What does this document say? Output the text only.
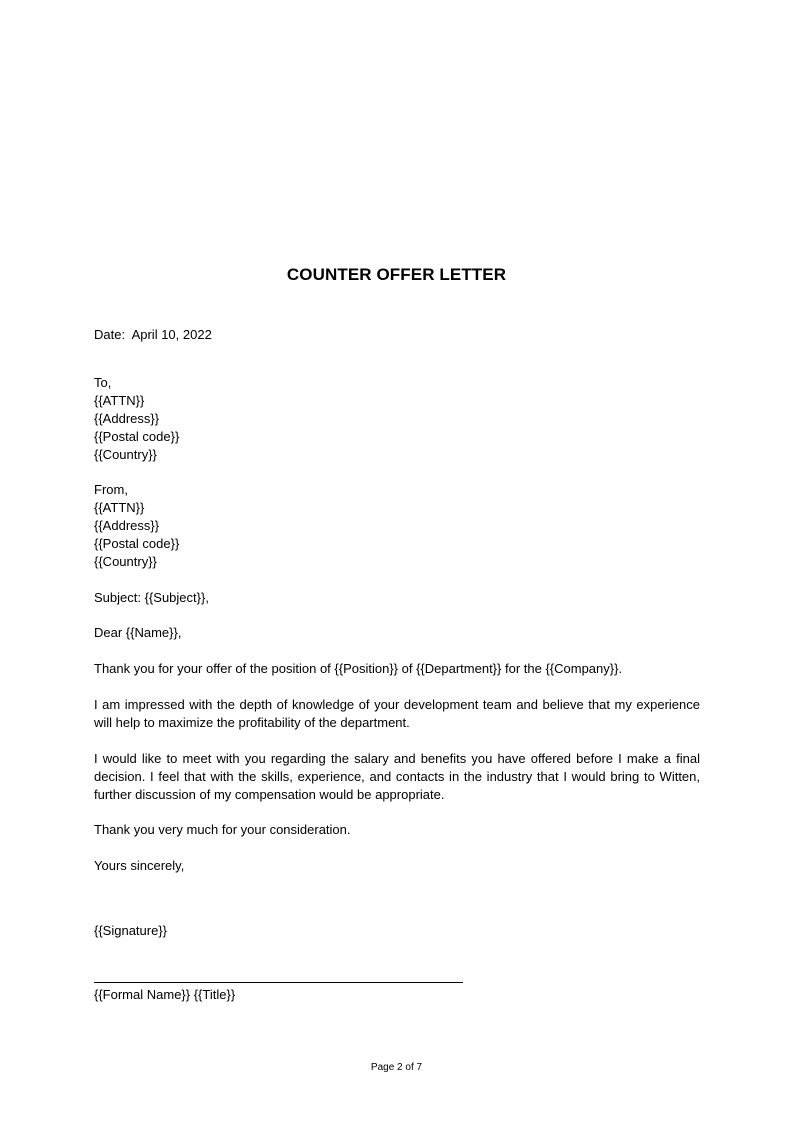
COUNTER OFFER LETTER
Date:  April 10, 2022
To,
{{ATTN}}
{{Address}}
{{Postal code}}
{{Country}}
From,
{{ATTN}}
{{Address}}
{{Postal code}}
{{Country}}
Subject: {{Subject}},
Dear {{Name}},
Thank you for your offer of the position of {{Position}} of {{Department}} for the {{Company}}.
I am impressed with the depth of knowledge of your development team and believe that my experience will help to maximize the profitability of the department.
I would like to meet with you regarding the salary and benefits you have offered before I make a final decision. I feel that with the skills, experience, and contacts in the industry that I would bring to Witten, further discussion of my compensation would be appropriate.
Thank you very much for your consideration.
Yours sincerely,
{{Signature}}
{{Formal Name}} {{Title}}
Page 2 of 7
